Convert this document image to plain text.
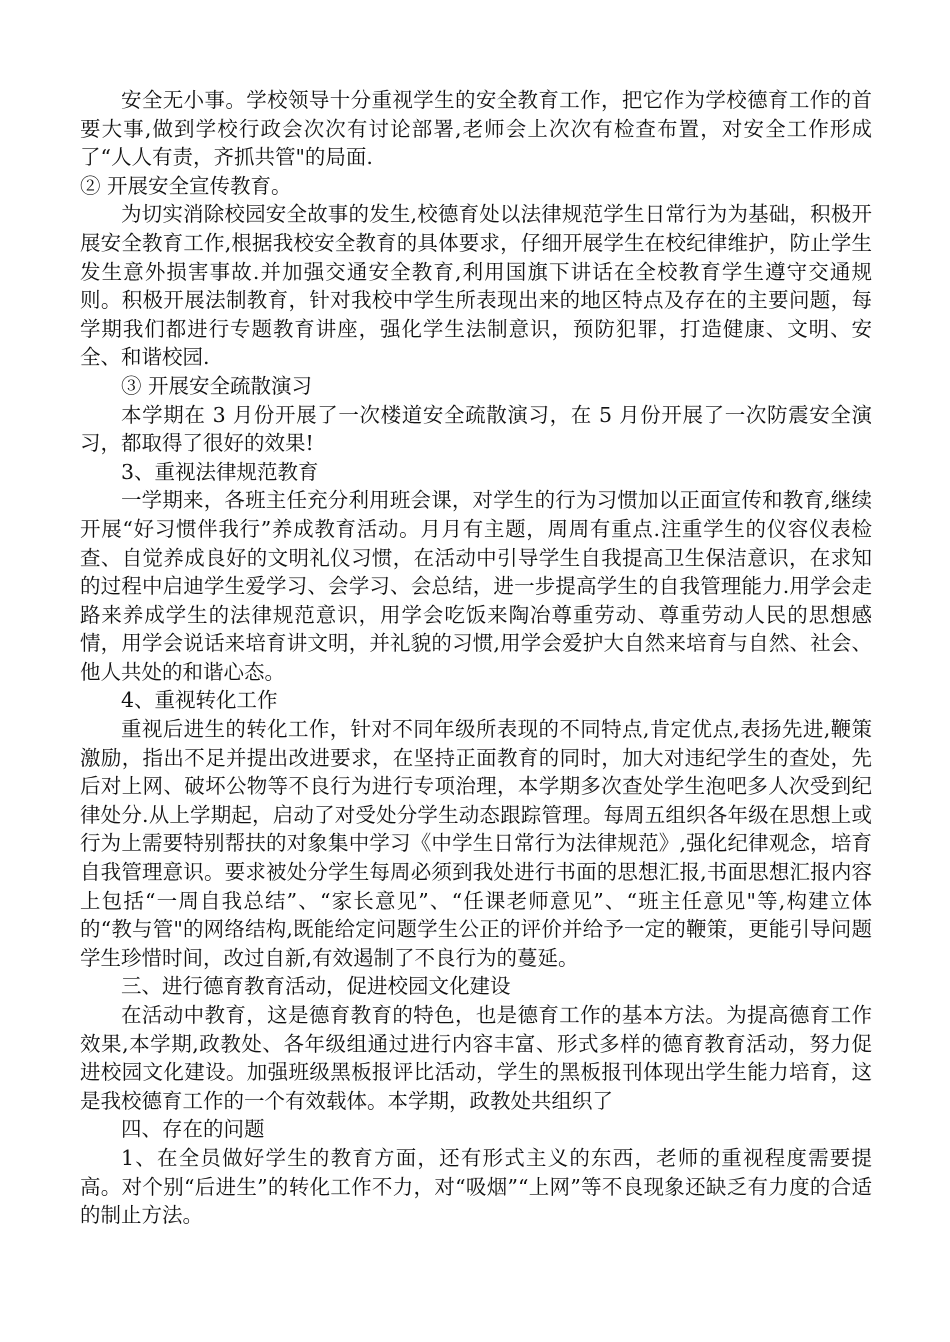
安全无小事。学校领导十分重视学生的安全教育工作，把它作为学校德育工作的首要大事,做到学校行政会次次有讨论部署,老师会上次次有检查布置，对安全工作形成了“人人有责，齐抓共管"的局面.

② 开展安全宣传教育。

为切实消除校园安全故事的发生,校德育处以法律规范学生日常行为为基础，积极开展安全教育工作,根据我校安全教育的具体要求，仔细开展学生在校纪律维护，防止学生发生意外损害事故.并加强交通安全教育,利用国旗下讲话在全校教育学生遵守交通规则。积极开展法制教育，针对我校中学生所表现出来的地区特点及存在的主要问题，每学期我们都进行专题教育讲座，强化学生法制意识，预防犯罪，打造健康、文明、安全、和谐校园.

③ 开展安全疏散演习

本学期在 3 月份开展了一次楼道安全疏散演习，在 5 月份开展了一次防震安全演习，都取得了很好的效果!

3、重视法律规范教育

一学期来，各班主任充分利用班会课，对学生的行为习惯加以正面宣传和教育,继续开展“好习惯伴我行”养成教育活动。月月有主题，周周有重点.注重学生的仪容仪表检查、自觉养成良好的文明礼仪习惯，在活动中引导学生自我提高卫生保洁意识，在求知的过程中启迪学生爱学习、会学习、会总结，进一步提高学生的自我管理能力.用学会走路来养成学生的法律规范意识，用学会吃饭来陶冶尊重劳动、尊重劳动人民的思想感情，用学会说话来培育讲文明，并礼貌的习惯,用学会爱护大自然来培育与自然、社会、他人共处的和谐心态。

4、重视转化工作

重视后进生的转化工作，针对不同年级所表现的不同特点,肯定优点,表扬先进,鞭策激励，指出不足并提出改进要求，在坚持正面教育的同时，加大对违纪学生的查处，先后对上网、破坏公物等不良行为进行专项治理，本学期多次查处学生泡吧多人次受到纪律处分.从上学期起，启动了对受处分学生动态跟踪管理。每周五组织各年级在思想上或行为上需要特别帮扶的对象集中学习《中学生日常行为法律规范》,强化纪律观念，培育自我管理意识。要求被处分学生每周必须到我处进行书面的思想汇报,书面思想汇报内容上包括“一周自我总结”、“家长意见”、“任课老师意见”、“班主任意见"等,构建立体的“教与管"的网络结构,既能给定问题学生公正的评价并给予一定的鞭策，更能引导问题学生珍惜时间，改过自新,有效遏制了不良行为的蔓延。

三、进行德育教育活动，促进校园文化建设

在活动中教育，这是德育教育的特色，也是德育工作的基本方法。为提高德育工作效果,本学期,政教处、各年级组通过进行内容丰富、形式多样的德育教育活动，努力促进校园文化建设。加强班级黑板报评比活动，学生的黑板报刊体现出学生能力培育，这是我校德育工作的一个有效载体。本学期，政教处共组织了

四、存在的问题

1、在全员做好学生的教育方面，还有形式主义的东西，老师的重视程度需要提高。对个别“后进生”的转化工作不力，对“吸烟”“上网”等不良现象还缺乏有力度的合适的制止方法。
